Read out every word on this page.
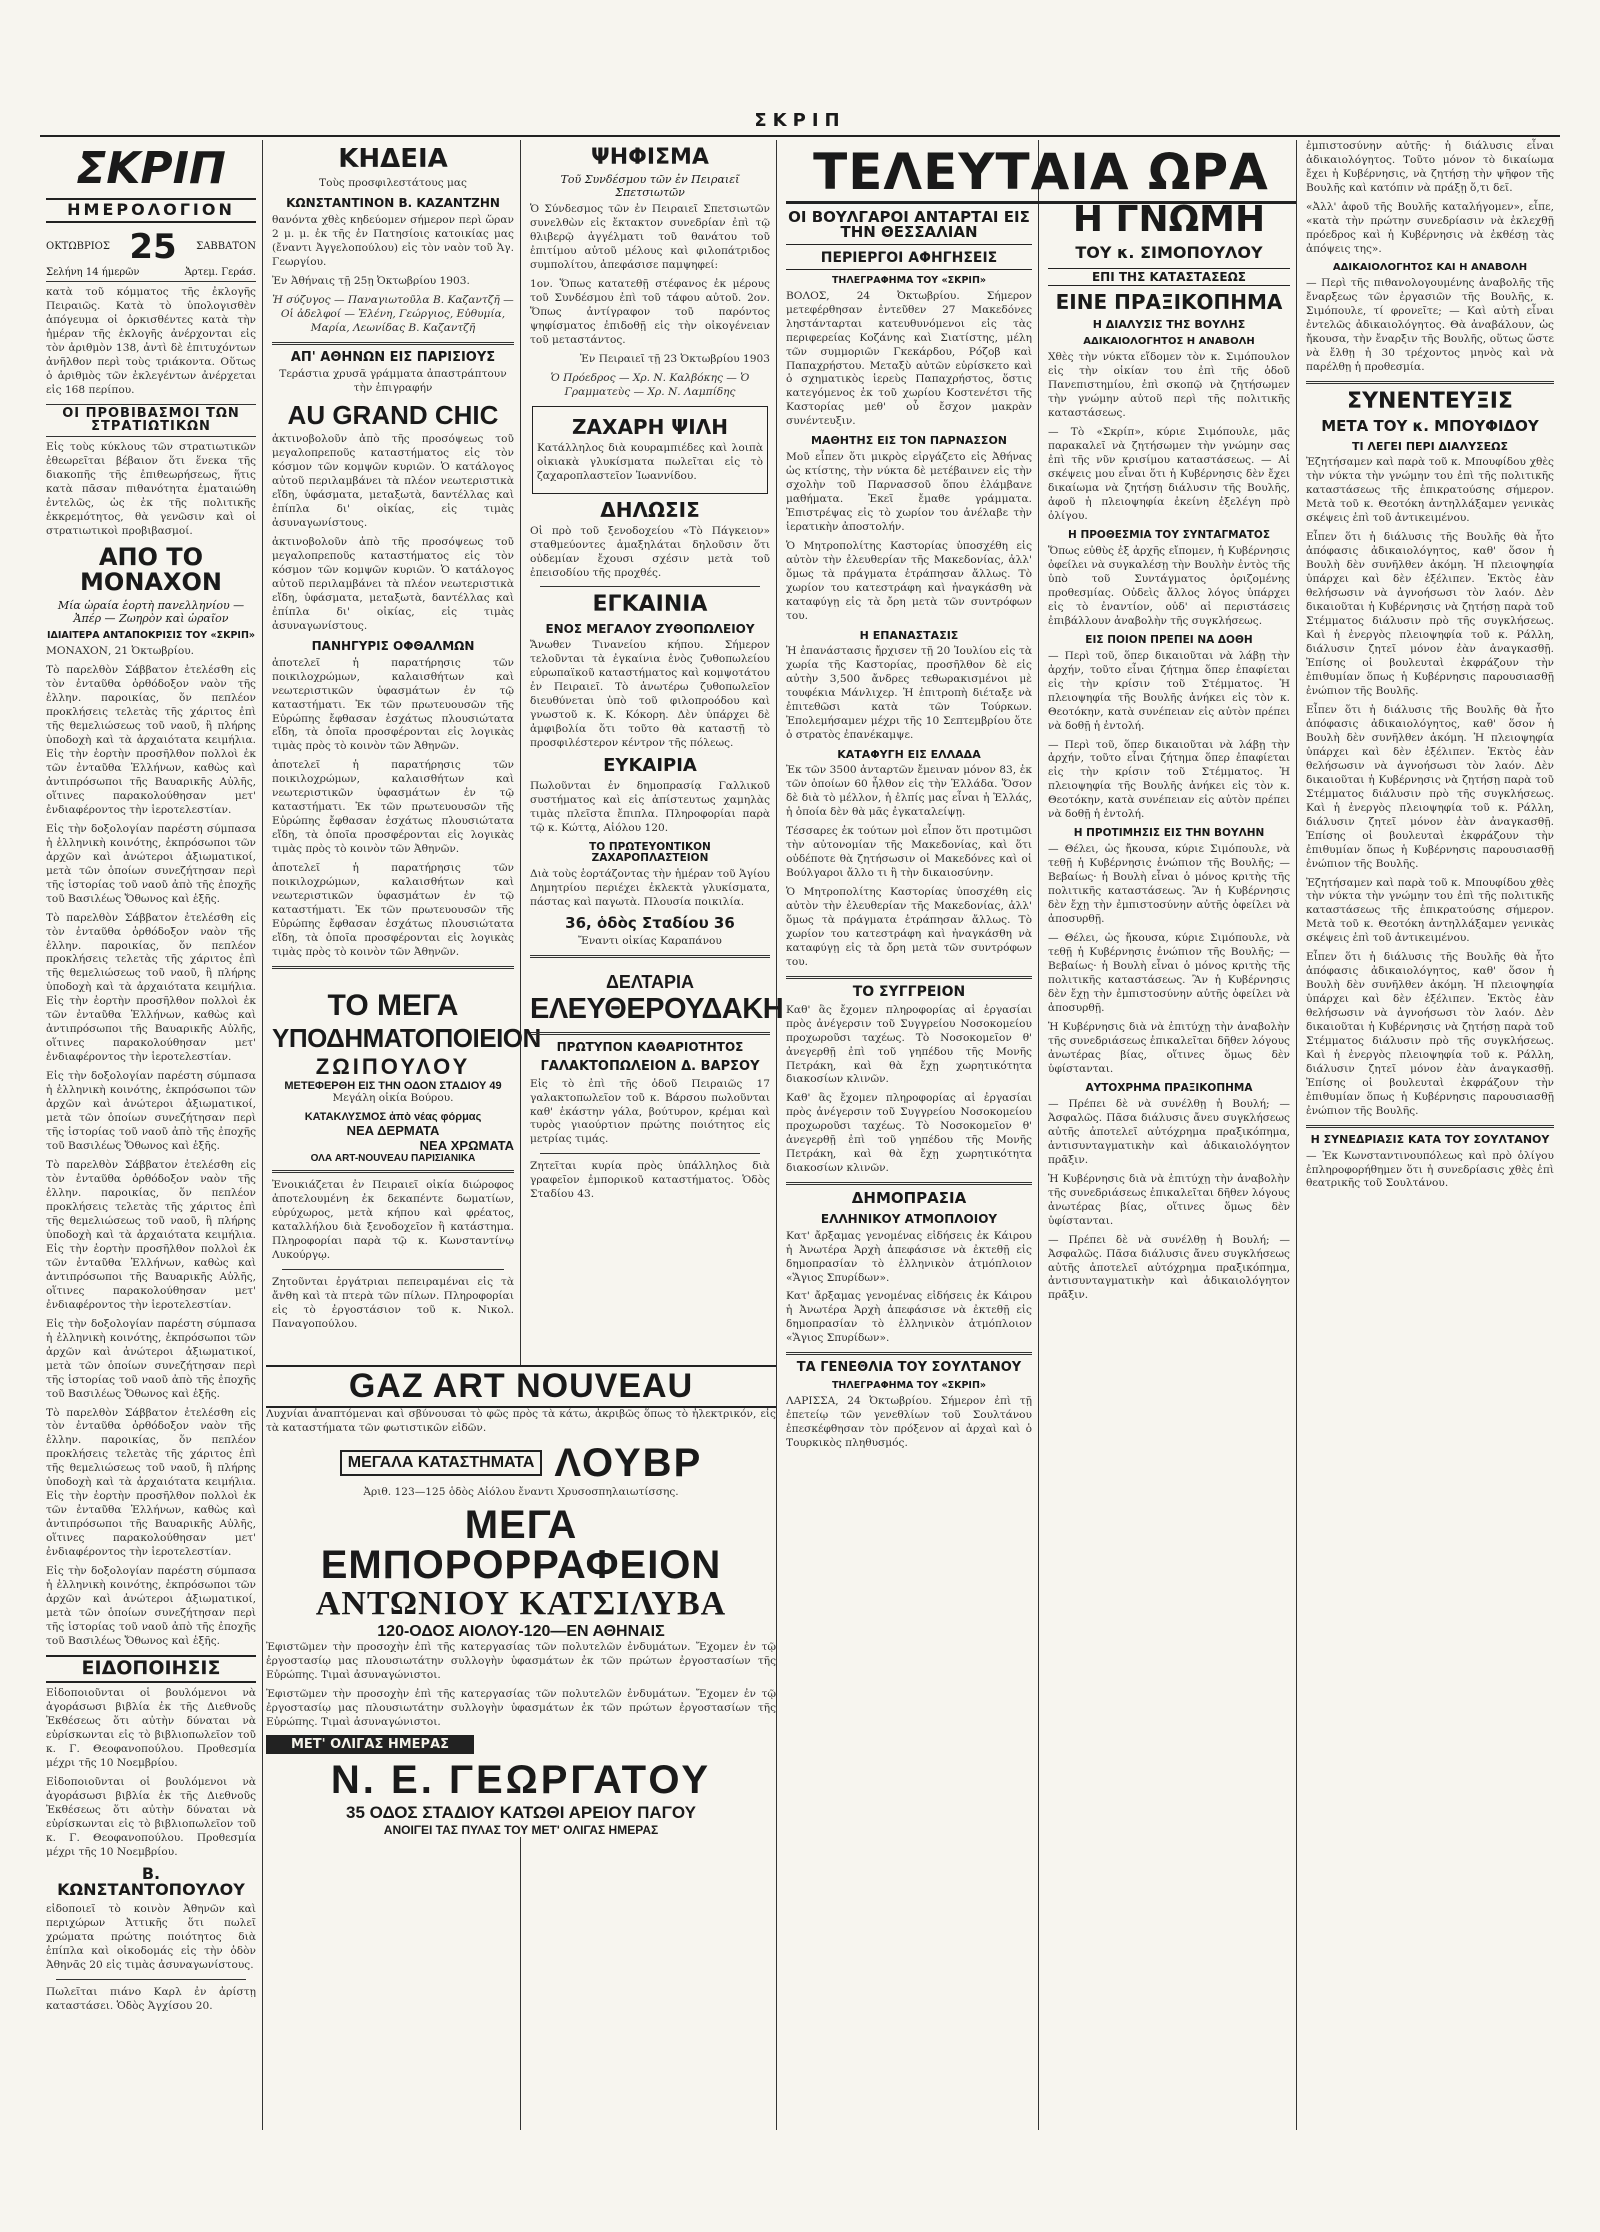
ΣΚΡΙΠ
ΣΚΡΙΠ
ΗΜΕΡΟΛΟΓΙΟΝ
ΟΚΤΩΒΡΙΟΣ 25 ΣΑΒΒΑΤΟΝ
Σελήνη 14 ήμερῶν	Ἀρτεμ. Γεράσ.

κατὰ τοῦ κόμματος τῆς ἐκλογῆς Πειραιῶς. Κατὰ τὸ ὑπολογισθὲν ἀπόγευμα οἱ ὀρκισθέντες κατὰ τὴν ἡμέραν τῆς ἐκλογῆς ἀνέρχονται εἰς τὸν ἀριθμὸν 138, ἀντὶ δὲ ἐπιτυχόντων ἀνῆλθον περὶ τοὺς τριάκοντα. Οὕτως ὁ ἀριθμὸς τῶν ἐκλεγέντων ἀνέρχεται εἰς 168 περίπου.

ΟΙ ΠΡΟΒΙΒΑΣΜΟΙ ΤΩΝ ΣΤΡΑΤΙΩΤΙΚΩΝ

Εἰς τοὺς κύκλους τῶν στρατιωτικῶν ἐθεωρεῖται βέβαιον ὅτι ἕνεκα τῆς διακοπῆς τῆς ἐπιθεωρήσεως, ἥτις κατὰ πᾶσαν πιθανότητα ἐματαιώθη ἐντελῶς, ὡς ἐκ τῆς πολιτικῆς ἐκκρεμότητος, θὰ γενῶσιν καὶ οἱ στρατιωτικοὶ προβιβασμοί.

ΑΠΟ ΤΟ ΜΟΝΑΧΟΝ
Μία ὡραία ἑορτὴ πανελληνίου — Ἀπέρ — Ζωηρὸν καὶ ὡραῖον
ΙΔΙΑΙΤΕΡΑ ΑΝΤΑΠΟΚΡΙΣΙΣ ΤΟΥ «ΣΚΡΙΠ»

ΜΟΝΑΧΟΝ, 21 Ὀκτωβρίου.

Τὸ παρελθὸν Σάββατον ἐτελέσθη εἰς τὸν ἐνταῦθα ὀρθόδοξον ναὸν τῆς ἑλλην. παροικίας, ὅν πεπλέον προκλήσεις τελετὰς τῆς χάριτος ἐπὶ τῆς θεμελιώσεως τοῦ ναοῦ, ἣ πλήρης ὑποδοχὴ καὶ τὰ ἀρχαιότατα κειμήλια. Εἰς τὴν ἑορτὴν προσῆλθον πολλοὶ ἐκ τῶν ἐνταῦθα Ἑλλήνων, καθὼς καὶ ἀντιπρόσωποι τῆς Βαυαρικῆς Αὐλῆς, οἵτινες παρακολούθησαν μετ' ἐνδιαφέροντος τὴν ἱεροτελεστίαν.

Εἰς τὴν δοξολογίαν παρέστη σύμπασα ἡ ἑλληνικὴ κοινότης, ἐκπρόσωποι τῶν ἀρχῶν καὶ ἀνώτεροι ἀξιωματικοί, μετὰ τῶν ὁποίων συνεζήτησαν περὶ τῆς ἱστορίας τοῦ ναοῦ ἀπὸ τῆς ἐποχῆς τοῦ Βασιλέως Ὄθωνος καὶ ἑξῆς.

Τὸ παρελθὸν Σάββατον ἐτελέσθη εἰς τὸν ἐνταῦθα ὀρθόδοξον ναὸν τῆς ἑλλην. παροικίας, ὅν πεπλέον προκλήσεις τελετὰς τῆς χάριτος ἐπὶ τῆς θεμελιώσεως τοῦ ναοῦ, ἣ πλήρης ὑποδοχὴ καὶ τὰ ἀρχαιότατα κειμήλια. Εἰς τὴν ἑορτὴν προσῆλθον πολλοὶ ἐκ τῶν ἐνταῦθα Ἑλλήνων, καθὼς καὶ ἀντιπρόσωποι τῆς Βαυαρικῆς Αὐλῆς, οἵτινες παρακολούθησαν μετ' ἐνδιαφέροντος τὴν ἱεροτελεστίαν.

Εἰς τὴν δοξολογίαν παρέστη σύμπασα ἡ ἑλληνικὴ κοινότης, ἐκπρόσωποι τῶν ἀρχῶν καὶ ἀνώτεροι ἀξιωματικοί, μετὰ τῶν ὁποίων συνεζήτησαν περὶ τῆς ἱστορίας τοῦ ναοῦ ἀπὸ τῆς ἐποχῆς τοῦ Βασιλέως Ὄθωνος καὶ ἑξῆς.

Τὸ παρελθὸν Σάββατον ἐτελέσθη εἰς τὸν ἐνταῦθα ὀρθόδοξον ναὸν τῆς ἑλλην. παροικίας, ὅν πεπλέον προκλήσεις τελετὰς τῆς χάριτος ἐπὶ τῆς θεμελιώσεως τοῦ ναοῦ, ἣ πλήρης ὑποδοχὴ καὶ τὰ ἀρχαιότατα κειμήλια. Εἰς τὴν ἑορτὴν προσῆλθον πολλοὶ ἐκ τῶν ἐνταῦθα Ἑλλήνων, καθὼς καὶ ἀντιπρόσωποι τῆς Βαυαρικῆς Αὐλῆς, οἵτινες παρακολούθησαν μετ' ἐνδιαφέροντος τὴν ἱεροτελεστίαν.

Εἰς τὴν δοξολογίαν παρέστη σύμπασα ἡ ἑλληνικὴ κοινότης, ἐκπρόσωποι τῶν ἀρχῶν καὶ ἀνώτεροι ἀξιωματικοί, μετὰ τῶν ὁποίων συνεζήτησαν περὶ τῆς ἱστορίας τοῦ ναοῦ ἀπὸ τῆς ἐποχῆς τοῦ Βασιλέως Ὄθωνος καὶ ἑξῆς.

Τὸ παρελθὸν Σάββατον ἐτελέσθη εἰς τὸν ἐνταῦθα ὀρθόδοξον ναὸν τῆς ἑλλην. παροικίας, ὅν πεπλέον προκλήσεις τελετὰς τῆς χάριτος ἐπὶ τῆς θεμελιώσεως τοῦ ναοῦ, ἣ πλήρης ὑποδοχὴ καὶ τὰ ἀρχαιότατα κειμήλια. Εἰς τὴν ἑορτὴν προσῆλθον πολλοὶ ἐκ τῶν ἐνταῦθα Ἑλλήνων, καθὼς καὶ ἀντιπρόσωποι τῆς Βαυαρικῆς Αὐλῆς, οἵτινες παρακολούθησαν μετ' ἐνδιαφέροντος τὴν ἱεροτελεστίαν.

Εἰς τὴν δοξολογίαν παρέστη σύμπασα ἡ ἑλληνικὴ κοινότης, ἐκπρόσωποι τῶν ἀρχῶν καὶ ἀνώτεροι ἀξιωματικοί, μετὰ τῶν ὁποίων συνεζήτησαν περὶ τῆς ἱστορίας τοῦ ναοῦ ἀπὸ τῆς ἐποχῆς τοῦ Βασιλέως Ὄθωνος καὶ ἑξῆς.

ΕΙΔΟΠΟΙΗΣΙΣ

Εἰδοποιοῦνται οἱ βουλόμενοι νὰ ἀγοράσωσι βιβλία ἐκ τῆς Διεθνοῦς Ἐκθέσεως ὅτι αὐτὴν δύναται νὰ εὑρίσκωνται εἰς τὸ βιβλιοπωλεῖον τοῦ κ. Γ. Θεοφανοπούλου. Προθεσμία μέχρι τῆς 10 Νοεμβρίου.

Εἰδοποιοῦνται οἱ βουλόμενοι νὰ ἀγοράσωσι βιβλία ἐκ τῆς Διεθνοῦς Ἐκθέσεως ὅτι αὐτὴν δύναται νὰ εὑρίσκωνται εἰς τὸ βιβλιοπωλεῖον τοῦ κ. Γ. Θεοφανοπούλου. Προθεσμία μέχρι τῆς 10 Νοεμβρίου.

Β. ΚΩΝΣΤΑΝΤΟΠΟΥΛΟΥ

εἰδοποιεῖ τὸ κοινὸν Ἀθηνῶν καὶ περιχώρων Ἀττικῆς ὅτι πωλεῖ χρώματα πρώτης ποιότητος διὰ ἐπίπλα καὶ οἰκοδομάς εἰς τὴν ὁδὸν Ἀθηνᾶς 20 εἰς τιμὰς ἀσυναγωνίστους.

Πωλεῖται πιάνο Καρλ ἐν ἀρίστῃ καταστάσει. Ὁδὸς Ἀγχίσου 20.

ΚΗΔΕΙΑ

Τοὺς προσφιλεστάτους μας

ΚΩΝΣΤΑΝΤΙΝΟΝ Β. ΚΑΖΑΝΤΖΗΝ

θανόντα χθὲς κηδεύομεν σήμερον περὶ ὥραν 2 μ. μ. ἐκ τῆς ἐν Πατησίοις κατοικίας μας (ἔναντι Ἀγγελοπούλου) εἰς τὸν ναὸν τοῦ Ἁγ. Γεωργίου.

Ἐν Ἀθήναις τῇ 25ῃ Ὀκτωβρίου 1903.

Ἡ σύζυγος — Παναγιωτοῦλα Β. Καζαντζῆ — Οἱ ἀδελφοί — Ἑλένη, Γεώργιος, Εὐθυμία, Μαρία, Λεωνίδας Β. Καζαντζῆ

ΑΠ' ΑΘΗΝΩΝ ΕΙΣ ΠΑΡΙΣΙΟΥΣ

Τεράστια χρυσᾶ γράμματα ἀπαστράπτουν τὴν ἐπιγραφήν

AU GRAND CHIC

ἀκτινοβολοῦν ἀπὸ τῆς προσόψεως τοῦ μεγαλοπρεποῦς καταστήματος εἰς τὸν κόσμον τῶν κομψῶν κυριῶν. Ὁ κατάλογος αὐτοῦ περιλαμβάνει τὰ πλέον νεωτεριστικὰ εἴδη, ὑφάσματα, μεταξωτὰ, δαντέλλας καὶ ἐπίπλα δι' οἰκίας, εἰς τιμὰς ἀσυναγωνίστους.

ἀκτινοβολοῦν ἀπὸ τῆς προσόψεως τοῦ μεγαλοπρεποῦς καταστήματος εἰς τὸν κόσμον τῶν κομψῶν κυριῶν. Ὁ κατάλογος αὐτοῦ περιλαμβάνει τὰ πλέον νεωτεριστικὰ εἴδη, ὑφάσματα, μεταξωτὰ, δαντέλλας καὶ ἐπίπλα δι' οἰκίας, εἰς τιμὰς ἀσυναγωνίστους.

ΠΑΝΗΓΥΡΙΣ ΟΦΘΑΛΜΩΝ

ἀποτελεῖ ἡ παρατήρησις τῶν ποικιλοχρώμων, καλαισθήτων καὶ νεωτεριστικῶν ὑφασμάτων ἐν τῷ καταστήματι. Ἐκ τῶν πρωτευουσῶν τῆς Εὐρώπης ἔφθασαν ἐσχάτως πλουσιώτατα εἴδη, τὰ ὁποῖα προσφέρονται εἰς λογικὰς τιμὰς πρὸς τὸ κοινὸν τῶν Ἀθηνῶν.

ἀποτελεῖ ἡ παρατήρησις τῶν ποικιλοχρώμων, καλαισθήτων καὶ νεωτεριστικῶν ὑφασμάτων ἐν τῷ καταστήματι. Ἐκ τῶν πρωτευουσῶν τῆς Εὐρώπης ἔφθασαν ἐσχάτως πλουσιώτατα εἴδη, τὰ ὁποῖα προσφέρονται εἰς λογικὰς τιμὰς πρὸς τὸ κοινὸν τῶν Ἀθηνῶν.

ἀποτελεῖ ἡ παρατήρησις τῶν ποικιλοχρώμων, καλαισθήτων καὶ νεωτεριστικῶν ὑφασμάτων ἐν τῷ καταστήματι. Ἐκ τῶν πρωτευουσῶν τῆς Εὐρώπης ἔφθασαν ἐσχάτως πλουσιώτατα εἴδη, τὰ ὁποῖα προσφέρονται εἰς λογικὰς τιμὰς πρὸς τὸ κοινὸν τῶν Ἀθηνῶν.

ΤΟ ΜΕΓΑ
ΥΠΟΔΗΜΑΤΟΠΟΙΕΙΟΝ
ΖΩΙΠΟΥΛΟΥ
ΜΕΤΕΦΕΡΘΗ ΕΙΣ ΤΗΝ ΟΔΟΝ ΣΤΑΔΙΟΥ 49

Μεγάλη οἰκία Βούρου.

ΚΑΤΑΚΛΥΣΜΟΣ ἀπὸ νέας φόρμας
ΝΕΑ ΔΕΡΜΑΤΑ
ΝΕΑ ΧΡΩΜΑΤΑ
ΟΛΑ ART-NOUVEAU ΠΑΡΙΣΙΑΝΙΚΑ

Ἐνοικιάζεται ἐν Πειραιεῖ οἰκία διώροφος ἀποτελουμένη ἐκ δεκαπέντε δωματίων, εὐρύχωρος, μετὰ κήπου καὶ φρέατος, καταλλήλου διὰ ξενοδοχεῖον ἢ κατάστημα. Πληροφορίαι παρὰ τῷ κ. Κωνσταντίνῳ Λυκούργῳ.

Ζητοῦνται ἐργάτριαι πεπειραμέναι εἰς τὰ ἄνθη καὶ τὰ πτερὰ τῶν πίλων. Πληροφορίαι εἰς τὸ ἐργοστάσιον τοῦ κ. Νικολ. Παναγοπούλου.

ΨΗΦΙΣΜΑ
Τοῦ Συνδέσμου τῶν ἐν Πειραιεῖ Σπετσιωτῶν

Ὁ Σύνδεσμος τῶν ἐν Πειραιεῖ Σπετσιωτῶν συνελθὼν εἰς ἔκτακτον συνεδρίαν ἐπὶ τῷ θλιβερῷ ἀγγέλματι τοῦ θανάτου τοῦ ἐπιτίμου αὐτοῦ μέλους καὶ φιλοπάτριδος συμπολίτου, ἀπεφάσισε παμψηφεί:

1ον. Ὅπως κατατεθῇ στέφανος ἐκ μέρους τοῦ Συνδέσμου ἐπὶ τοῦ τάφου αὐτοῦ. 2ον. Ὅπως ἀντίγραφον τοῦ παρόντος ψηφίσματος ἐπιδοθῇ εἰς τὴν οἰκογένειαν τοῦ μεταστάντος.

Ἐν Πειραιεῖ τῇ 23 Ὀκτωβρίου 1903

Ὁ Πρόεδρος — Χρ. Ν. Καλβόκης — Ὁ Γραμματεὺς — Χρ. Ν. Λαμπίδης

ΖΑΧΑΡΗ ΨΙΛΗ

Κατάλληλος διὰ κουραμπιέδες καὶ λοιπὰ οἰκιακὰ γλυκίσματα πωλεῖται εἰς τὸ ζαχαροπλαστεῖον Ἰωαννίδου.

ΔΗΛΩΣΙΣ

Οἱ πρὸ τοῦ ξενοδοχείου «Τὸ Πάγκειον» σταθμεύοντες ἁμαξηλάται δηλοῦσιν ὅτι οὐδεμίαν ἔχουσι σχέσιν μετὰ τοῦ ἐπεισοδίου τῆς προχθές.

ΕΓΚΑΙΝΙΑ
ΕΝΟΣ ΜΕΓΑΛΟΥ ΖΥΘΟΠΩΛΕΙΟΥ

Ἄνωθεν Τινανείου κήπου. Σήμερον τελοῦνται τὰ ἐγκαίνια ἑνὸς ζυθοπωλείου εὐρωπαϊκοῦ καταστήματος καὶ κομψοτάτου ἐν Πειραιεῖ. Τὸ ἀνωτέρω ζυθοπωλεῖον διευθύνεται ὑπὸ τοῦ φιλοπροόδου καὶ γνωστοῦ κ. Κ. Κόκορη. Δὲν ὑπάρχει δὲ ἀμφιβολία ὅτι τοῦτο θὰ καταστῇ τὸ προσφιλέστερον κέντρον τῆς πόλεως.

ΕΥΚΑΙΡΙΑ

Πωλοῦνται ἐν δημοπρασίᾳ Γαλλικοῦ συστήματος καὶ εἰς ἀπίστευτως χαμηλὰς τιμὰς πλεῖστα ἔπιπλα. Πληροφορίαι παρὰ τῷ κ. Κώττᾳ, Αἰόλου 120.

ΤΟ ΠΡΩΤΕΥΟΝΤΙΚΟΝ ΖΑΧΑΡΟΠΛΑΣΤΕΙΟΝ

Διὰ τοὺς ἑορτάζοντας τὴν ἡμέραν τοῦ Ἁγίου Δημητρίου περιέχει ἐκλεκτὰ γλυκίσματα, πάστας καὶ παγωτὰ. Πλουσία ποικιλία.

36, ὁδὸς Σταδίου 36

Ἔναντι οἰκίας Καραπάνου

ΔΕΛΤΑΡΙΑ
ΕΛΕΥΘΕΡΟΥΔΑΚΗ
ΠΡΩΤΥΠΟΝ ΚΑΘΑΡΙΟΤΗΤΟΣ
ΓΑΛΑΚΤΟΠΩΛΕΙΟΝ Δ. ΒΑΡΣΟΥ

Εἰς τὸ ἐπὶ τῆς ὁδοῦ Πειραιῶς 17 γαλακτοπωλεῖον τοῦ κ. Βάρσου πωλοῦνται καθ' ἑκάστην γάλα, βούτυρον, κρέμαι καὶ τυρὸς γιαούρτιον πρώτης ποιότητος εἰς μετρίας τιμάς.

Ζητεῖται κυρία πρὸς ὑπάλληλος διὰ γραφεῖον ἐμπορικοῦ καταστήματος. Ὁδὸς Σταδίου 43.

GAZ ART NOUVEAU

Λυχνίαι ἀναπτόμεναι καὶ σβύνουσαι τὸ φῶς πρὸς τὰ κάτω, ἀκριβῶς ὅπως τὸ ἠλεκτρικόν, εἰς τὰ καταστήματα τῶν φωτιστικῶν εἰδῶν.

ΜΕΓΑΛΑ ΚΑΤΑΣΤΗΜΑΤΑ ΛΟΥΒΡ

Ἀριθ. 123—125 ὁδὸς Αἰόλου ἔναντι Χρυσοσπηλαιωτίσσης.

ΜΕΓΑ ΕΜΠΟΡΟΡΡΑΦΕΙΟΝ
ΑΝΤΩΝΙΟΥ ΚΑΤΣΙΛΥΒΑ
120-ΟΔΟΣ ΑΙΟΛΟΥ-120—ΕΝ ΑΘΗΝΑΙΣ

Ἐφιστῶμεν τὴν προσοχὴν ἐπὶ τῆς κατεργασίας τῶν πολυτελῶν ἐνδυμάτων. Ἔχομεν ἐν τῷ ἐργοστασίῳ μας πλουσιωτάτην συλλογὴν ὑφασμάτων ἐκ τῶν πρώτων ἐργοστασίων τῆς Εὐρώπης. Τιμαὶ ἀσυναγώνιστοι.

Ἐφιστῶμεν τὴν προσοχὴν ἐπὶ τῆς κατεργασίας τῶν πολυτελῶν ἐνδυμάτων. Ἔχομεν ἐν τῷ ἐργοστασίῳ μας πλουσιωτάτην συλλογὴν ὑφασμάτων ἐκ τῶν πρώτων ἐργοστασίων τῆς Εὐρώπης. Τιμαὶ ἀσυναγώνιστοι.

ΜΕΤ' ΟΛΙΓΑΣ ΗΜΕΡΑΣ
Ν. Ε. ΓΕΩΡΓΑΤΟΥ
35 ΟΔΟΣ ΣΤΑΔΙΟΥ ΚΑΤΩΘΙ ΑΡΕΙΟΥ ΠΑΓΟΥ
ΑΝΟΙΓΕΙ ΤΑΣ ΠΥΛΑΣ ΤΟΥ ΜΕΤ' ΟΛΙΓΑΣ ΗΜΕΡΑΣ
ΤΕΛΕΥΤΑΙΑ ΩΡΑ
ΟΙ ΒΟΥΛΓΑΡΟΙ ΑΝΤΑΡΤΑΙ ΕΙΣ ΤΗΝ ΘΕΣΣΑΛΙΑΝ
ΠΕΡΙΕΡΓΟΙ ΑΦΗΓΗΣΕΙΣ
ΤΗΛΕΓΡΑΦΗΜΑ ΤΟΥ «ΣΚΡΙΠ»

ΒΟΛΟΣ, 24 Ὀκτωβρίου. Σήμερον μετεφέρθησαν ἐντεῦθεν 27 Μακεδόνες ληστάνταρται κατευθυνόμενοι εἰς τὰς περιφερείας Κοζάνης καὶ Σιατίστης, μέλη τῶν συμμοριῶν Γκεκάρδου, Ρόζοβ καὶ Παπαχρήστου. Μεταξὺ αὐτῶν εὑρίσκετο καὶ ὁ σχηματικὸς ἱερεὺς Παπαχρήστος, ὅστις κατεγόμενος ἐκ τοῦ χωρίου Κοστενέτσι τῆς Καστορίας μεθ' οὗ ἔσχον μακρὰν συνέντευξιν.

ΜΑΘΗΤΗΣ ΕΙΣ ΤΟΝ ΠΑΡΝΑΣΣΟΝ

Μοῦ εἶπεν ὅτι μικρὸς εἰργάζετο εἰς Ἀθήνας ὡς κτίστης, τὴν νύκτα δὲ μετέβαινεν εἰς τὴν σχολὴν τοῦ Παρνασσοῦ ὅπου ἐλάμβανε μαθήματα. Ἐκεῖ ἔμαθε γράμματα. Ἐπιστρέψας εἰς τὸ χωρίον του ἀνέλαβε τὴν ἱερατικὴν ἀποστολήν.

Ὁ Μητροπολίτης Καστορίας ὑποσχέθη εἰς αὐτὸν τὴν ἐλευθερίαν τῆς Μακεδονίας, ἀλλ' ὅμως τὰ πράγματα ἐτράπησαν ἄλλως. Τὸ χωρίον του κατεστράφη καὶ ἠναγκάσθη νὰ καταφύγῃ εἰς τὰ ὄρη μετὰ τῶν συντρόφων του.

Η ΕΠΑΝΑΣΤΑΣΙΣ

Ἡ ἐπανάστασις ἤρχισεν τῇ 20 Ἰουλίου εἰς τὰ χωρία τῆς Καστορίας, προσῆλθον δὲ εἰς αὐτὴν 3,500 ἄνδρες τεθωρακισμένοι μὲ τουφέκια Μάνλιχερ. Ἡ ἐπιτροπὴ διέταξε νὰ ἐπιτεθῶσι κατὰ τῶν Τούρκων. Ἐπολεμήσαμεν μέχρι τῆς 10 Σεπτεμβρίου ὅτε ὁ στρατὸς ἐπανέκαμψε.

ΚΑΤΑΦΥΓΗ ΕΙΣ ΕΛΛΑΔΑ

Ἐκ τῶν 3500 ἀνταρτῶν ἔμειναν μόνον 83, ἐκ τῶν ὁποίων 60 ἦλθον εἰς τὴν Ἑλλάδα. Ὅσον δὲ διὰ τὸ μέλλον, ἡ ἐλπίς μας εἶναι ἡ Ἑλλάς, ἡ ὁποία δὲν θὰ μᾶς ἐγκαταλείψῃ.

Τέσσαρες ἐκ τούτων μοὶ εἶπον ὅτι προτιμῶσι τὴν αὐτονομίαν τῆς Μακεδονίας, καὶ ὅτι οὐδέποτε θὰ ζητήσωσιν οἱ Μακεδόνες καὶ οἱ Βούλγαροι ἄλλο τι ἢ τὴν δικαιοσύνην.

Ὁ Μητροπολίτης Καστορίας ὑποσχέθη εἰς αὐτὸν τὴν ἐλευθερίαν τῆς Μακεδονίας, ἀλλ' ὅμως τὰ πράγματα ἐτράπησαν ἄλλως. Τὸ χωρίον του κατεστράφη καὶ ἠναγκάσθη νὰ καταφύγῃ εἰς τὰ ὄρη μετὰ τῶν συντρόφων του.

ΤΟ ΣΥΓΓΡΕΙΟΝ

Καθ' ἃς ἔχομεν πληροφορίας αἱ ἐργασίαι πρὸς ἀνέγερσιν τοῦ Συγγρείου Νοσοκομείου προχωροῦσι ταχέως. Τὸ Νοσοκομεῖον θ' ἀνεγερθῇ ἐπὶ τοῦ γηπέδου τῆς Μονῆς Πετράκη, καὶ θὰ ἔχῃ χωρητικότητα διακοσίων κλινῶν.

Καθ' ἃς ἔχομεν πληροφορίας αἱ ἐργασίαι πρὸς ἀνέγερσιν τοῦ Συγγρείου Νοσοκομείου προχωροῦσι ταχέως. Τὸ Νοσοκομεῖον θ' ἀνεγερθῇ ἐπὶ τοῦ γηπέδου τῆς Μονῆς Πετράκη, καὶ θὰ ἔχῃ χωρητικότητα διακοσίων κλινῶν.

ΔΗΜΟΠΡΑΣΙΑ
ΕΛΛΗΝΙΚΟΥ ΑΤΜΟΠΛΟΙΟΥ

Κατ' ἄρξαμας γενομένας εἰδήσεις ἐκ Κάιρου ἡ Ἀνωτέρα Ἀρχὴ ἀπεφάσισε νὰ ἐκτεθῇ εἰς δημοπρασίαν τὸ ἑλληνικὸν ἀτμόπλοιον «Ἅγιος Σπυρίδων».

Κατ' ἄρξαμας γενομένας εἰδήσεις ἐκ Κάιρου ἡ Ἀνωτέρα Ἀρχὴ ἀπεφάσισε νὰ ἐκτεθῇ εἰς δημοπρασίαν τὸ ἑλληνικὸν ἀτμόπλοιον «Ἅγιος Σπυρίδων».

ΤΑ ΓΕΝΕΘΛΙΑ ΤΟΥ ΣΟΥΛΤΑΝΟΥ
ΤΗΛΕΓΡΑΦΗΜΑ ΤΟΥ «ΣΚΡΙΠ»

ΛΑΡΙΣΣΑ, 24 Ὀκτωβρίου. Σήμερον ἐπὶ τῇ ἐπετείῳ τῶν γενεθλίων τοῦ Σουλτάνου ἐπεσκέφθησαν τὸν πρόξενον αἱ ἀρχαὶ καὶ ὁ Τουρκικὸς πληθυσμός.

Η ΓΝΩΜΗ
ΤΟΥ κ. ΣΙΜΟΠΟΥΛΟΥ
ΕΠΙ ΤΗΣ ΚΑΤΑΣΤΑΣΕΩΣ
ΕΙΝΕ ΠΡΑΞΙΚΟΠΗΜΑ
Η ΔΙΑΛΥΣΙΣ ΤΗΣ ΒΟΥΛΗΣ
ΑΔΙΚΑΙΟΛΟΓΗΤΟΣ Η ΑΝΑΒΟΛΗ

Χθὲς τὴν νύκτα εἴδομεν τὸν κ. Σιμόπουλον εἰς τὴν οἰκίαν του ἐπὶ τῆς ὁδοῦ Πανεπιστημίου, ἐπὶ σκοπῷ νὰ ζητήσωμεν τὴν γνώμην αὐτοῦ περὶ τῆς πολιτικῆς καταστάσεως.

— Τὸ «Σκρίπ», κύριε Σιμόπουλε, μᾶς παρακαλεῖ νὰ ζητήσωμεν τὴν γνώμην σας ἐπὶ τῆς νῦν κρισίμου καταστάσεως. — Αἱ σκέψεις μου εἶναι ὅτι ἡ Κυβέρνησις δὲν ἔχει δικαίωμα νὰ ζητήσῃ διάλυσιν τῆς Βουλῆς, ἀφοῦ ἡ πλειοψηφία ἐκείνη ἐξελέγη πρὸ ὀλίγου.

Η ΠΡΟΘΕΣΜΙΑ ΤΟΥ ΣΥΝΤΑΓΜΑΤΟΣ

Ὅπως εὐθὺς ἐξ ἀρχῆς εἴπομεν, ἡ Κυβέρνησις ὀφείλει νὰ συγκαλέσῃ τὴν Βουλὴν ἐντὸς τῆς ὑπὸ τοῦ Συντάγματος ὁριζομένης προθεσμίας. Οὐδεὶς ἄλλος λόγος ὑπάρχει εἰς τὸ ἐναντίον, οὐδ' αἱ περιστάσεις ἐπιβάλλουν ἀναβολὴν τῆς συγκλήσεως.

ΕΙΣ ΠΟΙΟΝ ΠΡΕΠΕΙ ΝΑ ΔΟΘΗ

— Περὶ τοῦ, ὅπερ δικαιοῦται νὰ λάβῃ τὴν ἀρχήν, τοῦτο εἶναι ζήτημα ὅπερ ἐπαφίεται εἰς τὴν κρίσιν τοῦ Στέμματος. Ἡ πλειοψηφία τῆς Βουλῆς ἀνήκει εἰς τὸν κ. Θεοτόκην, κατὰ συνέπειαν εἰς αὐτὸν πρέπει νὰ δοθῇ ἡ ἐντολή.

— Περὶ τοῦ, ὅπερ δικαιοῦται νὰ λάβῃ τὴν ἀρχήν, τοῦτο εἶναι ζήτημα ὅπερ ἐπαφίεται εἰς τὴν κρίσιν τοῦ Στέμματος. Ἡ πλειοψηφία τῆς Βουλῆς ἀνήκει εἰς τὸν κ. Θεοτόκην, κατὰ συνέπειαν εἰς αὐτὸν πρέπει νὰ δοθῇ ἡ ἐντολή.

Η ΠΡΟΤΙΜΗΣΙΣ ΕΙΣ ΤΗΝ ΒΟΥΛΗΝ

— Θέλει, ὡς ἤκουσα, κύριε Σιμόπουλε, νὰ τεθῇ ἡ Κυβέρνησις ἐνώπιον τῆς Βουλῆς; — Βεβαίως· ἡ Βουλὴ εἶναι ὁ μόνος κριτὴς τῆς πολιτικῆς καταστάσεως. Ἂν ἡ Κυβέρνησις δὲν ἔχῃ τὴν ἐμπιστοσύνην αὐτῆς ὀφείλει νὰ ἀποσυρθῇ.

— Θέλει, ὡς ἤκουσα, κύριε Σιμόπουλε, νὰ τεθῇ ἡ Κυβέρνησις ἐνώπιον τῆς Βουλῆς; — Βεβαίως· ἡ Βουλὴ εἶναι ὁ μόνος κριτὴς τῆς πολιτικῆς καταστάσεως. Ἂν ἡ Κυβέρνησις δὲν ἔχῃ τὴν ἐμπιστοσύνην αὐτῆς ὀφείλει νὰ ἀποσυρθῇ.

Ἡ Κυβέρνησις διὰ νὰ ἐπιτύχῃ τὴν ἀναβολὴν τῆς συνεδριάσεως ἐπικαλεῖται δῆθεν λόγους ἀνωτέρας βίας, οἵτινες ὅμως δὲν ὑφίστανται.

ΑΥΤΟΧΡΗΜΑ ΠΡΑΞΙΚΟΠΗΜΑ

— Πρέπει δὲ νὰ συνέλθῃ ἡ Βουλή; — Ἀσφαλῶς. Πᾶσα διάλυσις ἄνευ συγκλήσεως αὐτῆς ἀποτελεῖ αὐτόχρημα πραξικόπημα, ἀντισυνταγματικὴν καὶ ἀδικαιολόγητον πρᾶξιν.

Ἡ Κυβέρνησις διὰ νὰ ἐπιτύχῃ τὴν ἀναβολὴν τῆς συνεδριάσεως ἐπικαλεῖται δῆθεν λόγους ἀνωτέρας βίας, οἵτινες ὅμως δὲν ὑφίστανται.

— Πρέπει δὲ νὰ συνέλθῃ ἡ Βουλή; — Ἀσφαλῶς. Πᾶσα διάλυσις ἄνευ συγκλήσεως αὐτῆς ἀποτελεῖ αὐτόχρημα πραξικόπημα, ἀντισυνταγματικὴν καὶ ἀδικαιολόγητον πρᾶξιν.

ἐμπιστοσύνην αὐτῆς· ἡ διάλυσις εἶναι ἀδικαιολόγητος. Τοῦτο μόνον τὸ δικαίωμα ἔχει ἡ Κυβέρνησις, νὰ ζητήσῃ τὴν ψῆφον τῆς Βουλῆς καὶ κατόπιν νὰ πράξῃ ὅ,τι δεῖ.

«Ἀλλ' ἀφοῦ τῆς Βουλῆς καταλήγομεν», εἶπε, «κατὰ τὴν πρώτην συνεδρίασιν νὰ ἐκλεχθῇ πρόεδρος καὶ ἡ Κυβέρνησις νὰ ἐκθέσῃ τὰς ἀπόψεις της».

ΑΔΙΚΑΙΟΛΟΓΗΤΟΣ ΚΑΙ Η ΑΝΑΒΟΛΗ

— Περὶ τῆς πιθανολογουμένης ἀναβολῆς τῆς ἔναρξεως τῶν ἐργασιῶν τῆς Βουλῆς, κ. Σιμόπουλε, τί φρονεῖτε; — Καὶ αὐτὴ εἶναι ἐντελῶς ἀδικαιολόγητος. Θὰ ἀναβάλουν, ὡς ἤκουσα, τὴν ἔναρξιν τῆς Βουλῆς, οὕτως ὥστε νὰ ἔλθῃ ἡ 30 τρέχοντος μηνὸς καὶ νὰ παρέλθῃ ἡ προθεσμία.

ΣΥΝΕΝΤΕΥΞΙΣ
ΜΕΤΑ ΤΟΥ κ. ΜΠΟΥΦΙΔΟΥ
ΤΙ ΛΕΓΕΙ ΠΕΡΙ ΔΙΑΛΥΣΕΩΣ

Ἐζητήσαμεν καὶ παρὰ τοῦ κ. Μπουφίδου χθὲς τὴν νύκτα τὴν γνώμην του ἐπὶ τῆς πολιτικῆς καταστάσεως τῆς ἐπικρατούσης σήμερον. Μετὰ τοῦ κ. Θεοτόκη ἀντηλλάξαμεν γενικὰς σκέψεις ἐπὶ τοῦ ἀντικειμένου.

Εἶπεν ὅτι ἡ διάλυσις τῆς Βουλῆς θὰ ἦτο ἀπόφασις ἀδικαιολόγητος, καθ' ὅσον ἡ Βουλὴ δὲν συνῆλθεν ἀκόμη. Ἡ πλειοψηφία ὑπάρχει καὶ δὲν ἐξέλιπεν. Ἐκτὸς ἐὰν θελήσωσιν νὰ ἀγνοήσωσι τὸν λαόν. Δὲν δικαιοῦται ἡ Κυβέρνησις νὰ ζητήσῃ παρὰ τοῦ Στέμματος διάλυσιν πρὸ τῆς συγκλήσεως. Καὶ ἡ ἐνεργὸς πλειοψηφία τοῦ κ. Ράλλη, διάλυσιν ζητεῖ μόνον ἐὰν ἀναγκασθῇ. Ἐπίσης οἱ βουλευταὶ ἐκφράζουν τὴν ἐπιθυμίαν ὅπως ἡ Κυβέρνησις παρουσιασθῇ ἐνώπιον τῆς Βουλῆς.

Εἶπεν ὅτι ἡ διάλυσις τῆς Βουλῆς θὰ ἦτο ἀπόφασις ἀδικαιολόγητος, καθ' ὅσον ἡ Βουλὴ δὲν συνῆλθεν ἀκόμη. Ἡ πλειοψηφία ὑπάρχει καὶ δὲν ἐξέλιπεν. Ἐκτὸς ἐὰν θελήσωσιν νὰ ἀγνοήσωσι τὸν λαόν. Δὲν δικαιοῦται ἡ Κυβέρνησις νὰ ζητήσῃ παρὰ τοῦ Στέμματος διάλυσιν πρὸ τῆς συγκλήσεως. Καὶ ἡ ἐνεργὸς πλειοψηφία τοῦ κ. Ράλλη, διάλυσιν ζητεῖ μόνον ἐὰν ἀναγκασθῇ. Ἐπίσης οἱ βουλευταὶ ἐκφράζουν τὴν ἐπιθυμίαν ὅπως ἡ Κυβέρνησις παρουσιασθῇ ἐνώπιον τῆς Βουλῆς.

Ἐζητήσαμεν καὶ παρὰ τοῦ κ. Μπουφίδου χθὲς τὴν νύκτα τὴν γνώμην του ἐπὶ τῆς πολιτικῆς καταστάσεως τῆς ἐπικρατούσης σήμερον. Μετὰ τοῦ κ. Θεοτόκη ἀντηλλάξαμεν γενικὰς σκέψεις ἐπὶ τοῦ ἀντικειμένου.

Εἶπεν ὅτι ἡ διάλυσις τῆς Βουλῆς θὰ ἦτο ἀπόφασις ἀδικαιολόγητος, καθ' ὅσον ἡ Βουλὴ δὲν συνῆλθεν ἀκόμη. Ἡ πλειοψηφία ὑπάρχει καὶ δὲν ἐξέλιπεν. Ἐκτὸς ἐὰν θελήσωσιν νὰ ἀγνοήσωσι τὸν λαόν. Δὲν δικαιοῦται ἡ Κυβέρνησις νὰ ζητήσῃ παρὰ τοῦ Στέμματος διάλυσιν πρὸ τῆς συγκλήσεως. Καὶ ἡ ἐνεργὸς πλειοψηφία τοῦ κ. Ράλλη, διάλυσιν ζητεῖ μόνον ἐὰν ἀναγκασθῇ. Ἐπίσης οἱ βουλευταὶ ἐκφράζουν τὴν ἐπιθυμίαν ὅπως ἡ Κυβέρνησις παρουσιασθῇ ἐνώπιον τῆς Βουλῆς.

Η ΣΥΝΕΔΡΙΑΣΙΣ ΚΑΤΑ ΤΟΥ ΣΟΥΛΤΑΝΟΥ

— Ἐκ Κωνσταντινουπόλεως καὶ πρὸ ὀλίγου ἐπληροφορήθημεν ὅτι ἡ συνεδρίασις χθὲς ἐπὶ θεατρικῆς τοῦ Σουλτάνου.
